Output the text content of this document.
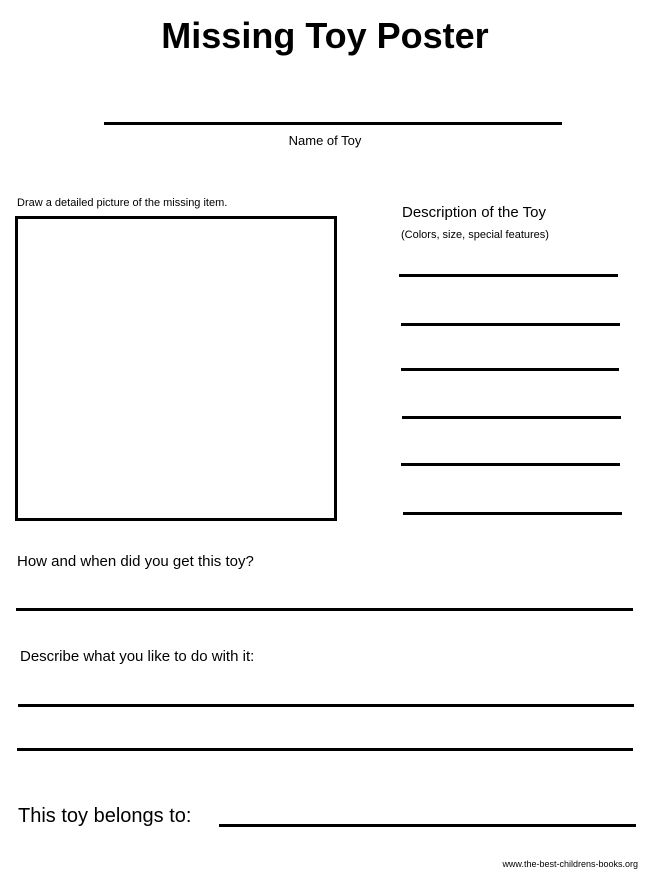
Missing Toy Poster
Name of Toy
Draw a detailed picture of the missing item.
Description of the Toy
(Colors, size, special features)
How and when did you get this toy?
Describe what you like to do with it:
This toy belongs to:
www.the-best-childrens-books.org
